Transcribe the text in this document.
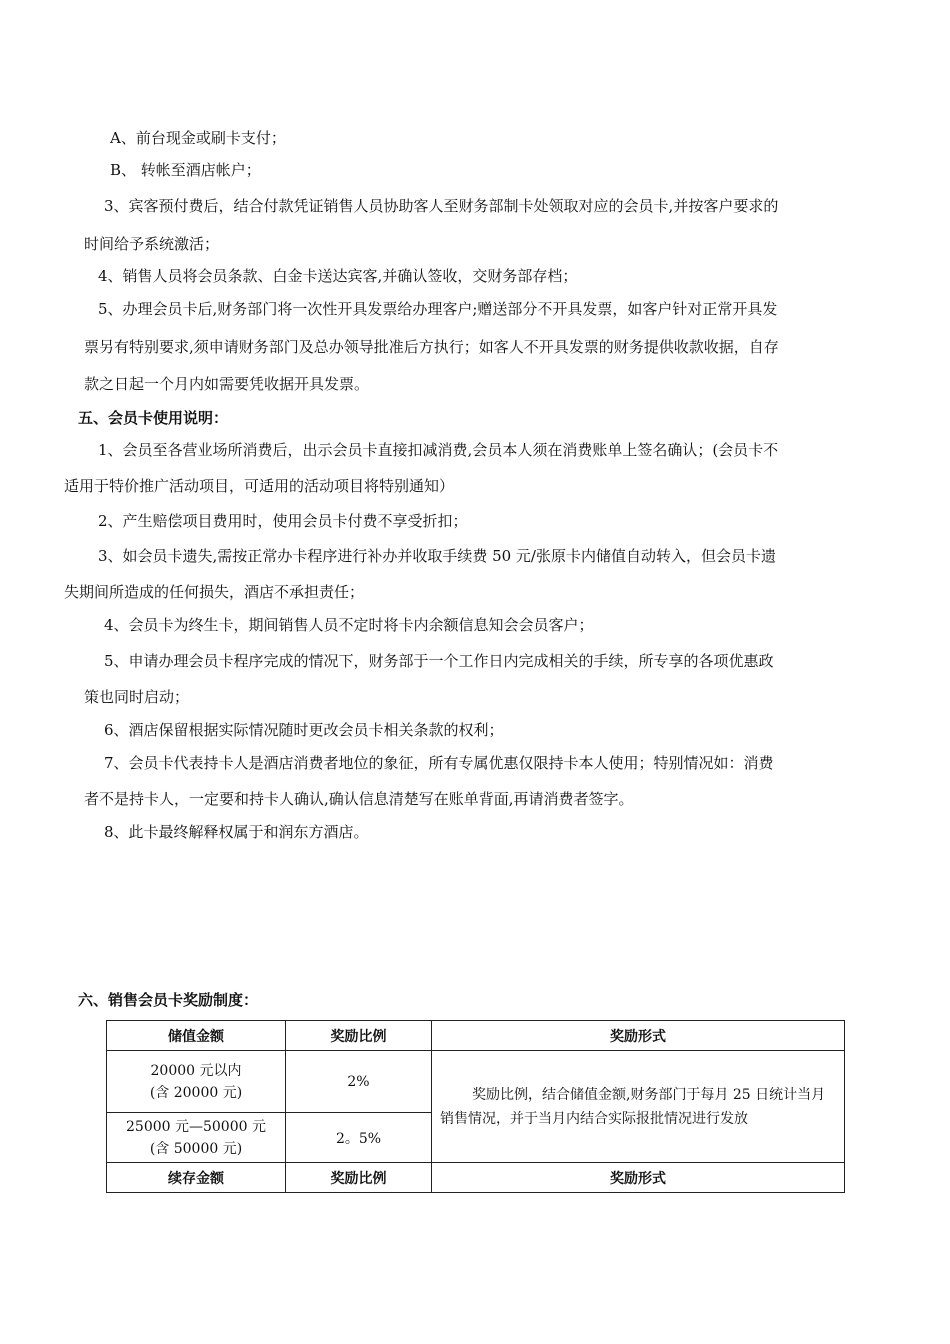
A、前台现金或刷卡支付；
B、 转帐至酒店帐户；
3、宾客预付费后，结合付款凭证销售人员协助客人至财务部制卡处领取对应的会员卡,并按客户要求的
时间给予系统激活；
4、销售人员将会员条款、白金卡送达宾客,并确认签收，交财务部存档；
5、办理会员卡后,财务部门将一次性开具发票给办理客户;赠送部分不开具发票，如客户针对正常开具发
票另有特别要求,须申请财务部门及总办领导批准后方执行；如客人不开具发票的财务提供收款收据，自存
款之日起一个月内如需要凭收据开具发票。
五、会员卡使用说明：
1、会员至各营业场所消费后，出示会员卡直接扣减消费,会员本人须在消费账单上签名确认；(会员卡不
适用于特价推广活动项目，可适用的活动项目将特别通知）
2、产生赔偿项目费用时，使用会员卡付费不享受折扣；
3、如会员卡遗失,需按正常办卡程序进行补办并收取手续费 50 元/张原卡内储值自动转入，但会员卡遗
失期间所造成的任何损失，酒店不承担责任；
4、会员卡为终生卡，期间销售人员不定时将卡内余额信息知会会员客户；
5、申请办理会员卡程序完成的情况下，财务部于一个工作日内完成相关的手续，所专享的各项优惠政
策也同时启动；
6、酒店保留根据实际情况随时更改会员卡相关条款的权利；
7、会员卡代表持卡人是酒店消费者地位的象征，所有专属优惠仅限持卡本人使用；特别情况如：消费
者不是持卡人，一定要和持卡人确认,确认信息清楚写在账单背面,再请消费者签字。
8、此卡最终解释权属于和润东方酒店。
六、销售会员卡奖励制度：
储值金额	奖励比例	奖励形式

20000 元以内
(含 20000 元)	2%	奖励比例，结合储值金额,财务部门于每月 25 日统计当月销售情况，并于当月内结合实际报批情况进行发放

25000 元—50000 元
(含 50000 元)	2。5%	
续存金额	奖励比例	奖励形式
